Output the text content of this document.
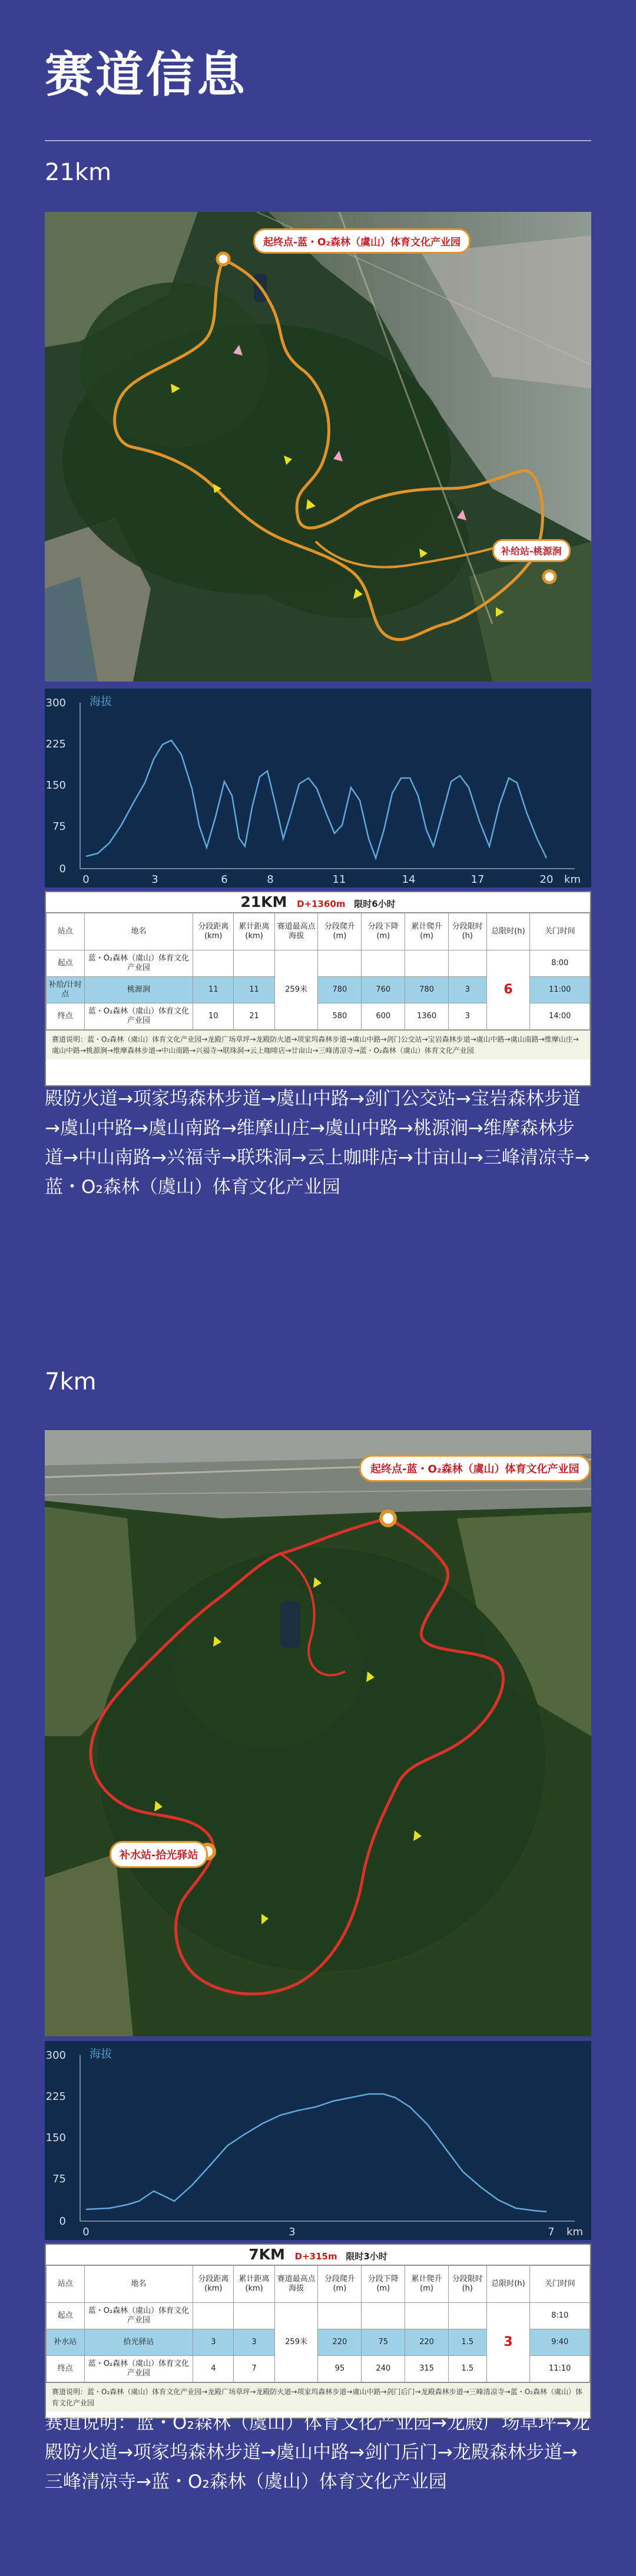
赛道信息
21km
起终点-蓝・O₂森林（虞山）体育文化产业园
补给站-桃源涧
300
225
150
75
0
0	3	6	8	11	14	17	20 km
海拔
21KM D+1360m 限时6小时
站点	地名	分段距离(km)	累计距离(km)	赛道最高点海拔	分段爬升(m)	分段下降(m)	累计爬升(m)	分段限时(h)	总限时(h)	关门时间
起点	蓝・O₂森林（虞山）体育文化产业园			259米					6	8:00
补给/计时点	桃源涧	11	11		780	760	780	3		11:00
终点	蓝・O₂森林（虞山）体育文化产业园	10	21		580	600	1360	3		14:00
赛道说明：蓝・O₂森林（虞山）体育文化产业园→龙殿广场草坪→龙殿防火道→项家坞森林步道→虞山中路→剑门公交站→宝岩森林步道→虞山中路→虞山南路→维摩山庄→虞山中路→桃源涧→维摩森林步道→中山南路→兴福寺→联珠洞→云上咖啡店→廿亩山→三峰清凉寺→蓝・O₂森林（虞山）体育文化产业园

赛道说明：蓝・O₂森林（虞山）体育文化产业园→龙殿广场草坪→龙殿防火道→项家坞森林步道→虞山中路→剑门公交站→宝岩森林步道→虞山中路→虞山南路→维摩山庄→虞山中路→桃源涧→维摩森林步道→中山南路→兴福寺→联珠洞→云上咖啡店→廿亩山→三峰清凉寺→蓝・O₂森林（虞山）体育文化产业园

7km
起终点-蓝・O₂森林（虞山）体育文化产业园
补水站-拾光驿站
300
225
150
75
0
0	3	7 km
海拔
7KM D+315m 限时3小时
站点	地名	分段距离(km)	累计距离(km)	赛道最高点海拔	分段爬升(m)	分段下降(m)	累计爬升(m)	分段限时(h)	总限时(h)	关门时间
起点	蓝・O₂森林（虞山）体育文化产业园			259米					3	8:10
补水站	拾光驿站	3	3		220	75	220	1.5		9:40
终点	蓝・O₂森林（虞山）体育文化产业园	4	7		95	240	315	1.5		11:10
赛道说明：蓝・O₂森林（虞山）体育文化产业园→龙殿广场草坪→龙殿防火道→项家坞森林步道→虞山中路→剑门后门→龙殿森林步道→三峰清凉寺→蓝・O₂森林（虞山）体育文化产业园

赛道说明：蓝・O₂森林（虞山）体育文化产业园→龙殿广场草坪→龙殿防火道→项家坞森林步道→虞山中路→剑门后门→龙殿森林步道→三峰清凉寺→蓝・O₂森林（虞山）体育文化产业园
